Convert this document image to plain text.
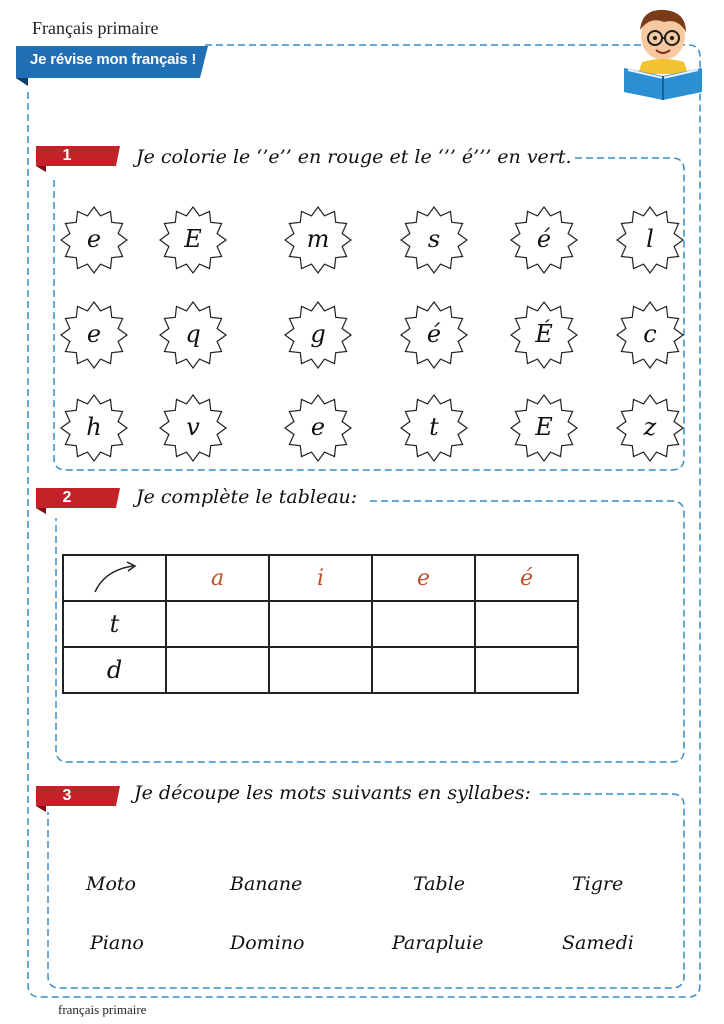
Français primaire
Je révise mon français !
1	Je colorie le ‘’e’’ en rouge et le ‘’’ é’’’ en vert.
e	E	m	s	é	l
e	q	g	é	É	c
h	v	e	t	E	z
2	Je complète le tableau:
	a	i	e	é
t				
d				
3	Je découpe les mots suivants en syllabes:
Moto	Banane	Table	Tigre
Piano	Domino	Parapluie	Samedi
français primaire
